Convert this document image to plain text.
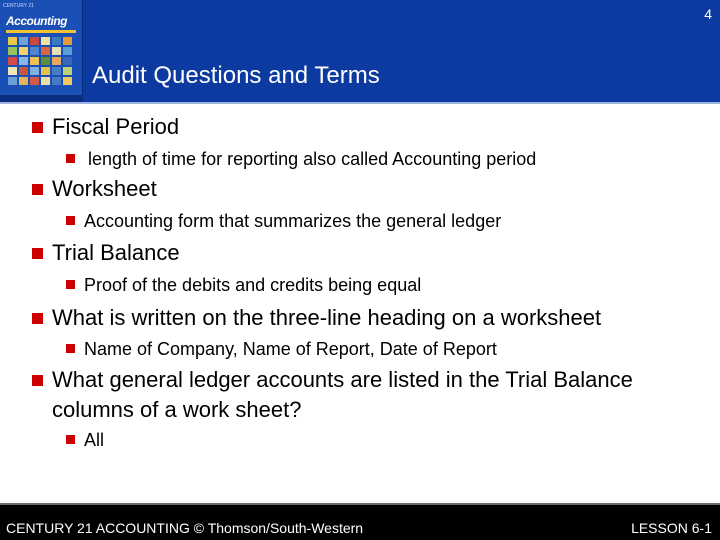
CENTURY 21
Accounting	4
Audit Questions and Terms
Fiscal Period
length of time for reporting also called Accounting period
Worksheet
Accounting form that summarizes the general ledger
Trial Balance
Proof of the debits and credits being equal
What is written on the three-line heading on a worksheet
Name of Company, Name of Report, Date of Report
What general ledger accounts are listed in the Trial Balance columns of a work sheet?
All
CENTURY 21 ACCOUNTING © Thomson/South-Western	LESSON 6-1
